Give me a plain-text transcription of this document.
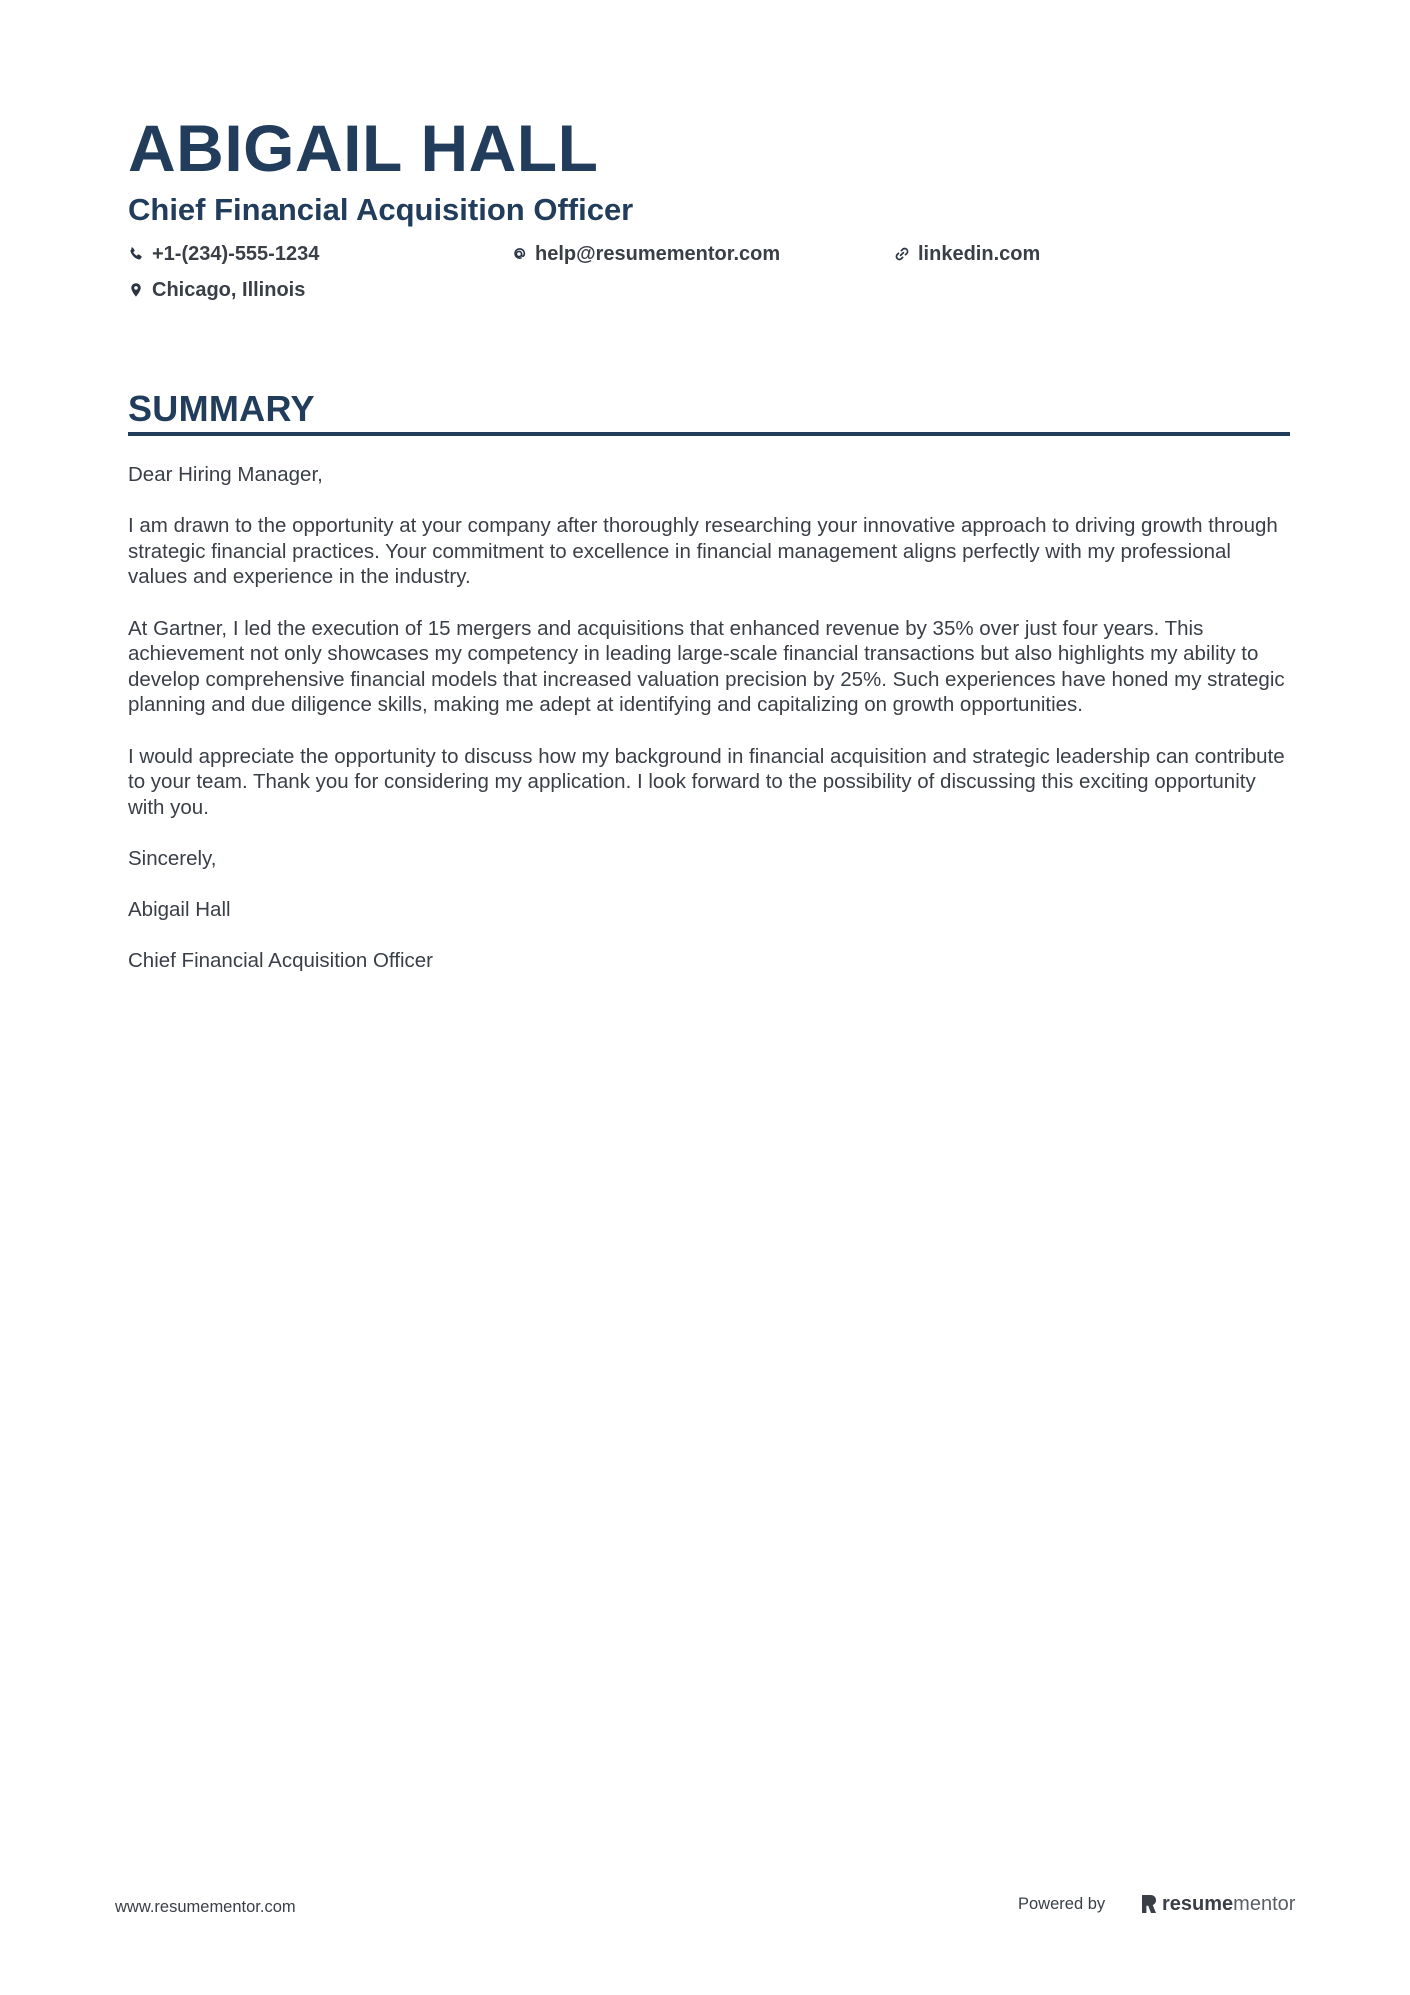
ABIGAIL HALL
Chief Financial Acquisition Officer
+1-(234)-555-1234	help@resumementor.com	linkedin.com
Chicago, Illinois
SUMMARY

Dear Hiring Manager,

I am drawn to the opportunity at your company after thoroughly researching your innovative approach to driving growth through strategic financial practices. Your commitment to excellence in financial management aligns perfectly with my professional values and experience in the industry.

At Gartner, I led the execution of 15 mergers and acquisitions that enhanced revenue by 35% over just four years. This achievement not only showcases my competency in leading large-scale financial transactions but also highlights my ability to develop comprehensive financial models that increased valuation precision by 25%. Such experiences have honed my strategic planning and due diligence skills, making me adept at identifying and capitalizing on growth opportunities.

I would appreciate the opportunity to discuss how my background in financial acquisition and strategic leadership can contribute to your team. Thank you for considering my application. I look forward to the possibility of discussing this exciting opportunity with you.

Sincerely,

Abigail Hall

Chief Financial Acquisition Officer

www.resumementor.com	Powered by	resume mentor
